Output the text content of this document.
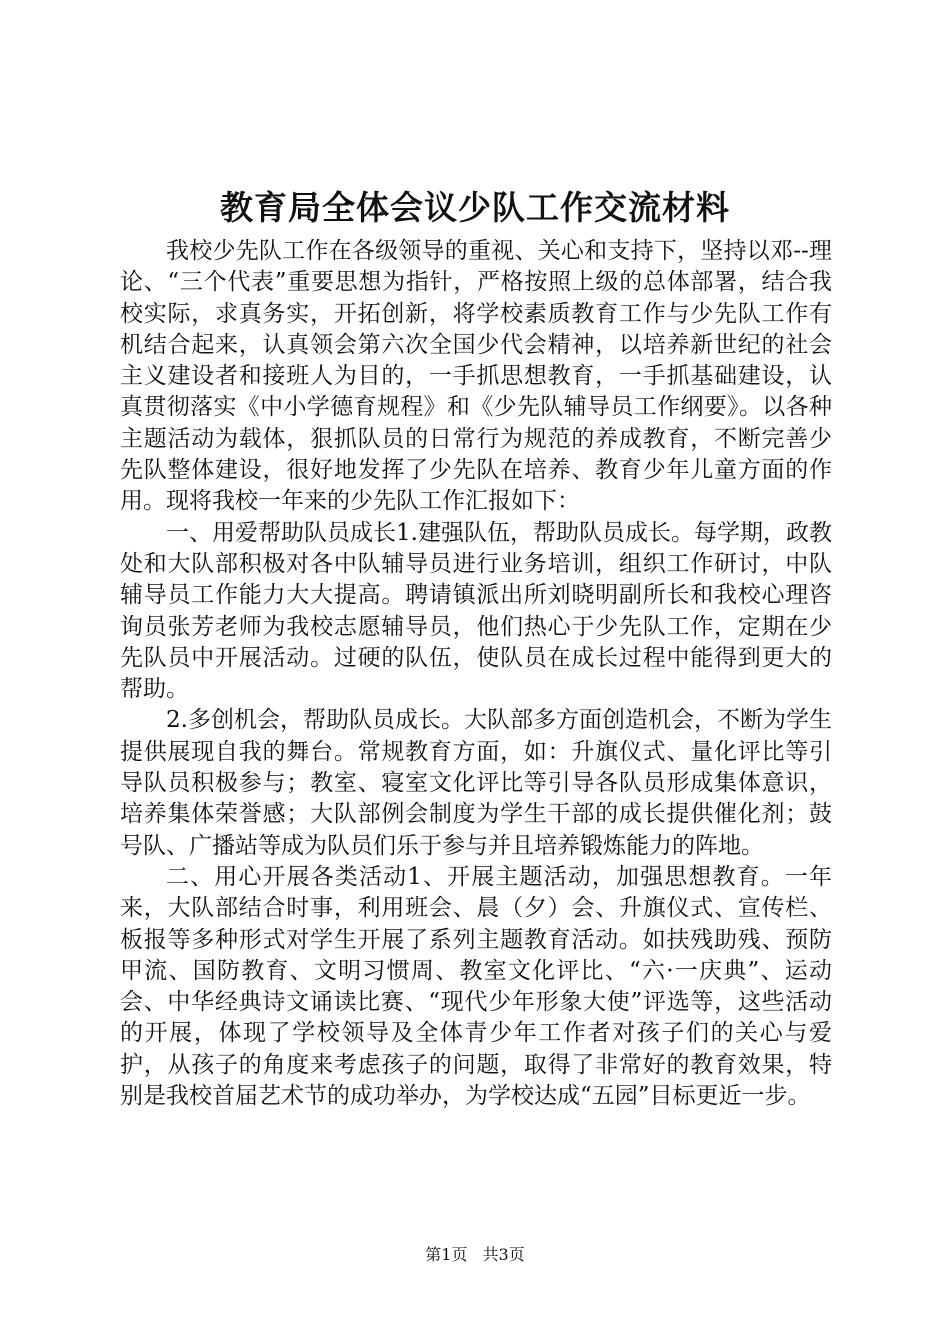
教育局全体会议少队工作交流材料

我校少先队工作在各级领导的重视、关心和支持下，坚持以邓--理论、“三个代表”重要思想为指针，严格按照上级的总体部署，结合我校实际，求真务实，开拓创新，将学校素质教育工作与少先队工作有机结合起来，认真领会第六次全国少代会精神，以培养新世纪的社会主义建设者和接班人为目的，一手抓思想教育，一手抓基础建设，认真贯彻落实《中小学德育规程》和《少先队辅导员工作纲要》。以各种主题活动为载体，狠抓队员的日常行为规范的养成教育，不断完善少先队整体建设，很好地发挥了少先队在培养、教育少年儿童方面的作用。现将我校一年来的少先队工作汇报如下：

一、用爱帮助队员成长1.建强队伍，帮助队员成长。每学期，政教处和大队部积极对各中队辅导员进行业务培训，组织工作研讨，中队辅导员工作能力大大提高。聘请镇派出所刘晓明副所长和我校心理咨询员张芳老师为我校志愿辅导员，他们热心于少先队工作，定期在少先队员中开展活动。过硬的队伍，使队员在成长过程中能得到更大的帮助。

2.多创机会，帮助队员成长。大队部多方面创造机会，不断为学生提供展现自我的舞台。常规教育方面，如：升旗仪式、量化评比等引导队员积极参与；教室、寝室文化评比等引导各队员形成集体意识，培养集体荣誉感；大队部例会制度为学生干部的成长提供催化剂；鼓号队、广播站等成为队员们乐于参与并且培养锻炼能力的阵地。

二、用心开展各类活动1、开展主题活动，加强思想教育。一年来，大队部结合时事，利用班会、晨（夕）会、升旗仪式、宣传栏、板报等多种形式对学生开展了系列主题教育活动。如扶残助残、预防甲流、国防教育、文明习惯周、教室文化评比、“六·一庆典”、运动会、中华经典诗文诵读比赛、“现代少年形象大使”评选等，这些活动的开展，体现了学校领导及全体青少年工作者对孩子们的关心与爱护，从孩子的角度来考虑孩子的问题，取得了非常好的教育效果，特别是我校首届艺术节的成功举办，为学校达成“五园”目标更近一步。

第1页 共3页
